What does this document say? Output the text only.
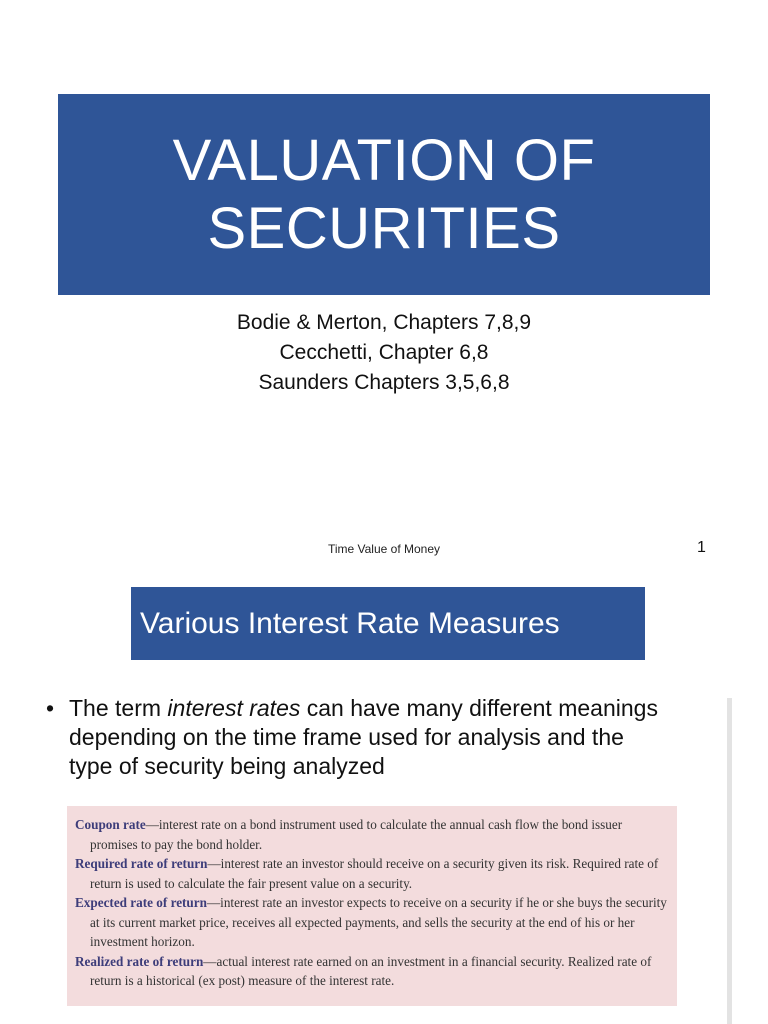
VALUATION OF
SECURITIES
Bodie & Merton, Chapters 7,8,9
Cecchetti, Chapter 6,8
Saunders Chapters 3,5,6,8
Time Value of Money	1
Various Interest Rate Measures
• The term interest rates can have many different meanings depending on the time frame used for analysis and the type of security being analyzed

Coupon rate—interest rate on a bond instrument used to calculate the annual cash flow the bond issuer promises to pay the bond holder.

Required rate of return—interest rate an investor should receive on a security given its risk. Required rate of return is used to calculate the fair present value on a security.

Expected rate of return—interest rate an investor expects to receive on a security if he or she buys the security at its current market price, receives all expected payments, and sells the security at the end of his or her investment horizon.

Realized rate of return—actual interest rate earned on an investment in a financial security. Realized rate of return is a historical (ex post) measure of the interest rate.
